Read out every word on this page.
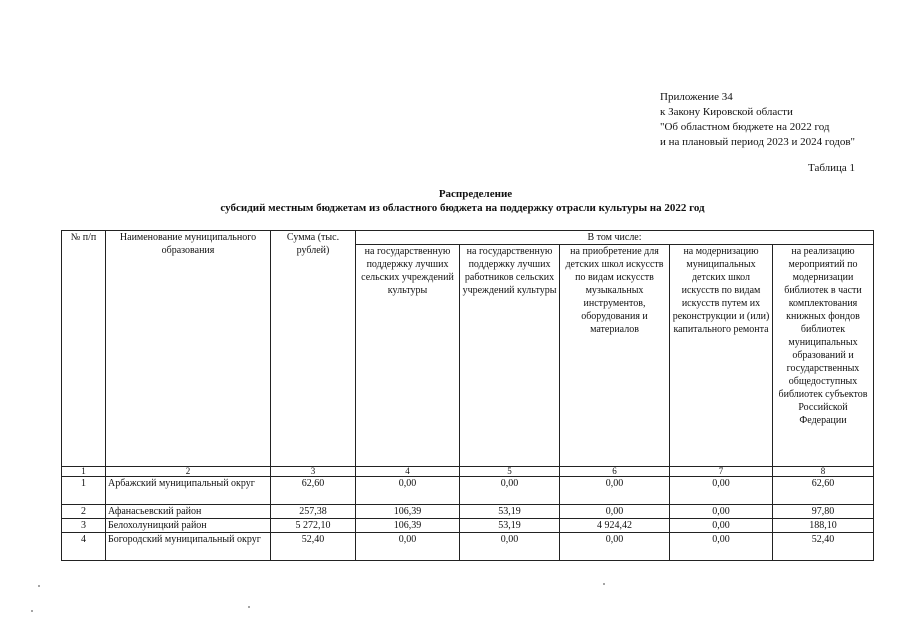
Приложение 34
к Закону Кировской области
"Об областном бюджете на 2022 год
и на плановый период 2023 и 2024 годов"
Таблица 1
Распределение
субсидий местным бюджетам из областного бюджета на поддержку отрасли культуры на 2022 год
№ п/п	Наименование муниципального образования	Сумма (тыс. рублей)	В том числе:				
			на государственную поддержку лучших сельских учреждений культуры	на государственную поддержку лучших работников сельских учреждений культуры	на приобретение для детских школ искусств по видам искусств музыкальных инструментов, оборудования и материалов	на модернизацию муниципальных детских школ искусств по видам искусств путем их реконструкции и (или) капитального ремонта	на реализацию мероприятий по модернизации библиотек в части комплектования книжных фондов библиотек муниципальных образований и государственных общедоступных библиотек субъектов Российской Федерации
1	2	3	4	5	6	7	8
1	Арбажский муниципальный округ	62,60	0,00	0,00	0,00	0,00	62,60
2	Афанасьевский район	257,38	106,39	53,19	0,00	0,00	97,80
3	Белохолуницкий район	5 272,10	106,39	53,19	4 924,42	0,00	188,10
4	Богородский муниципальный округ	52,40	0,00	0,00	0,00	0,00	52,40
